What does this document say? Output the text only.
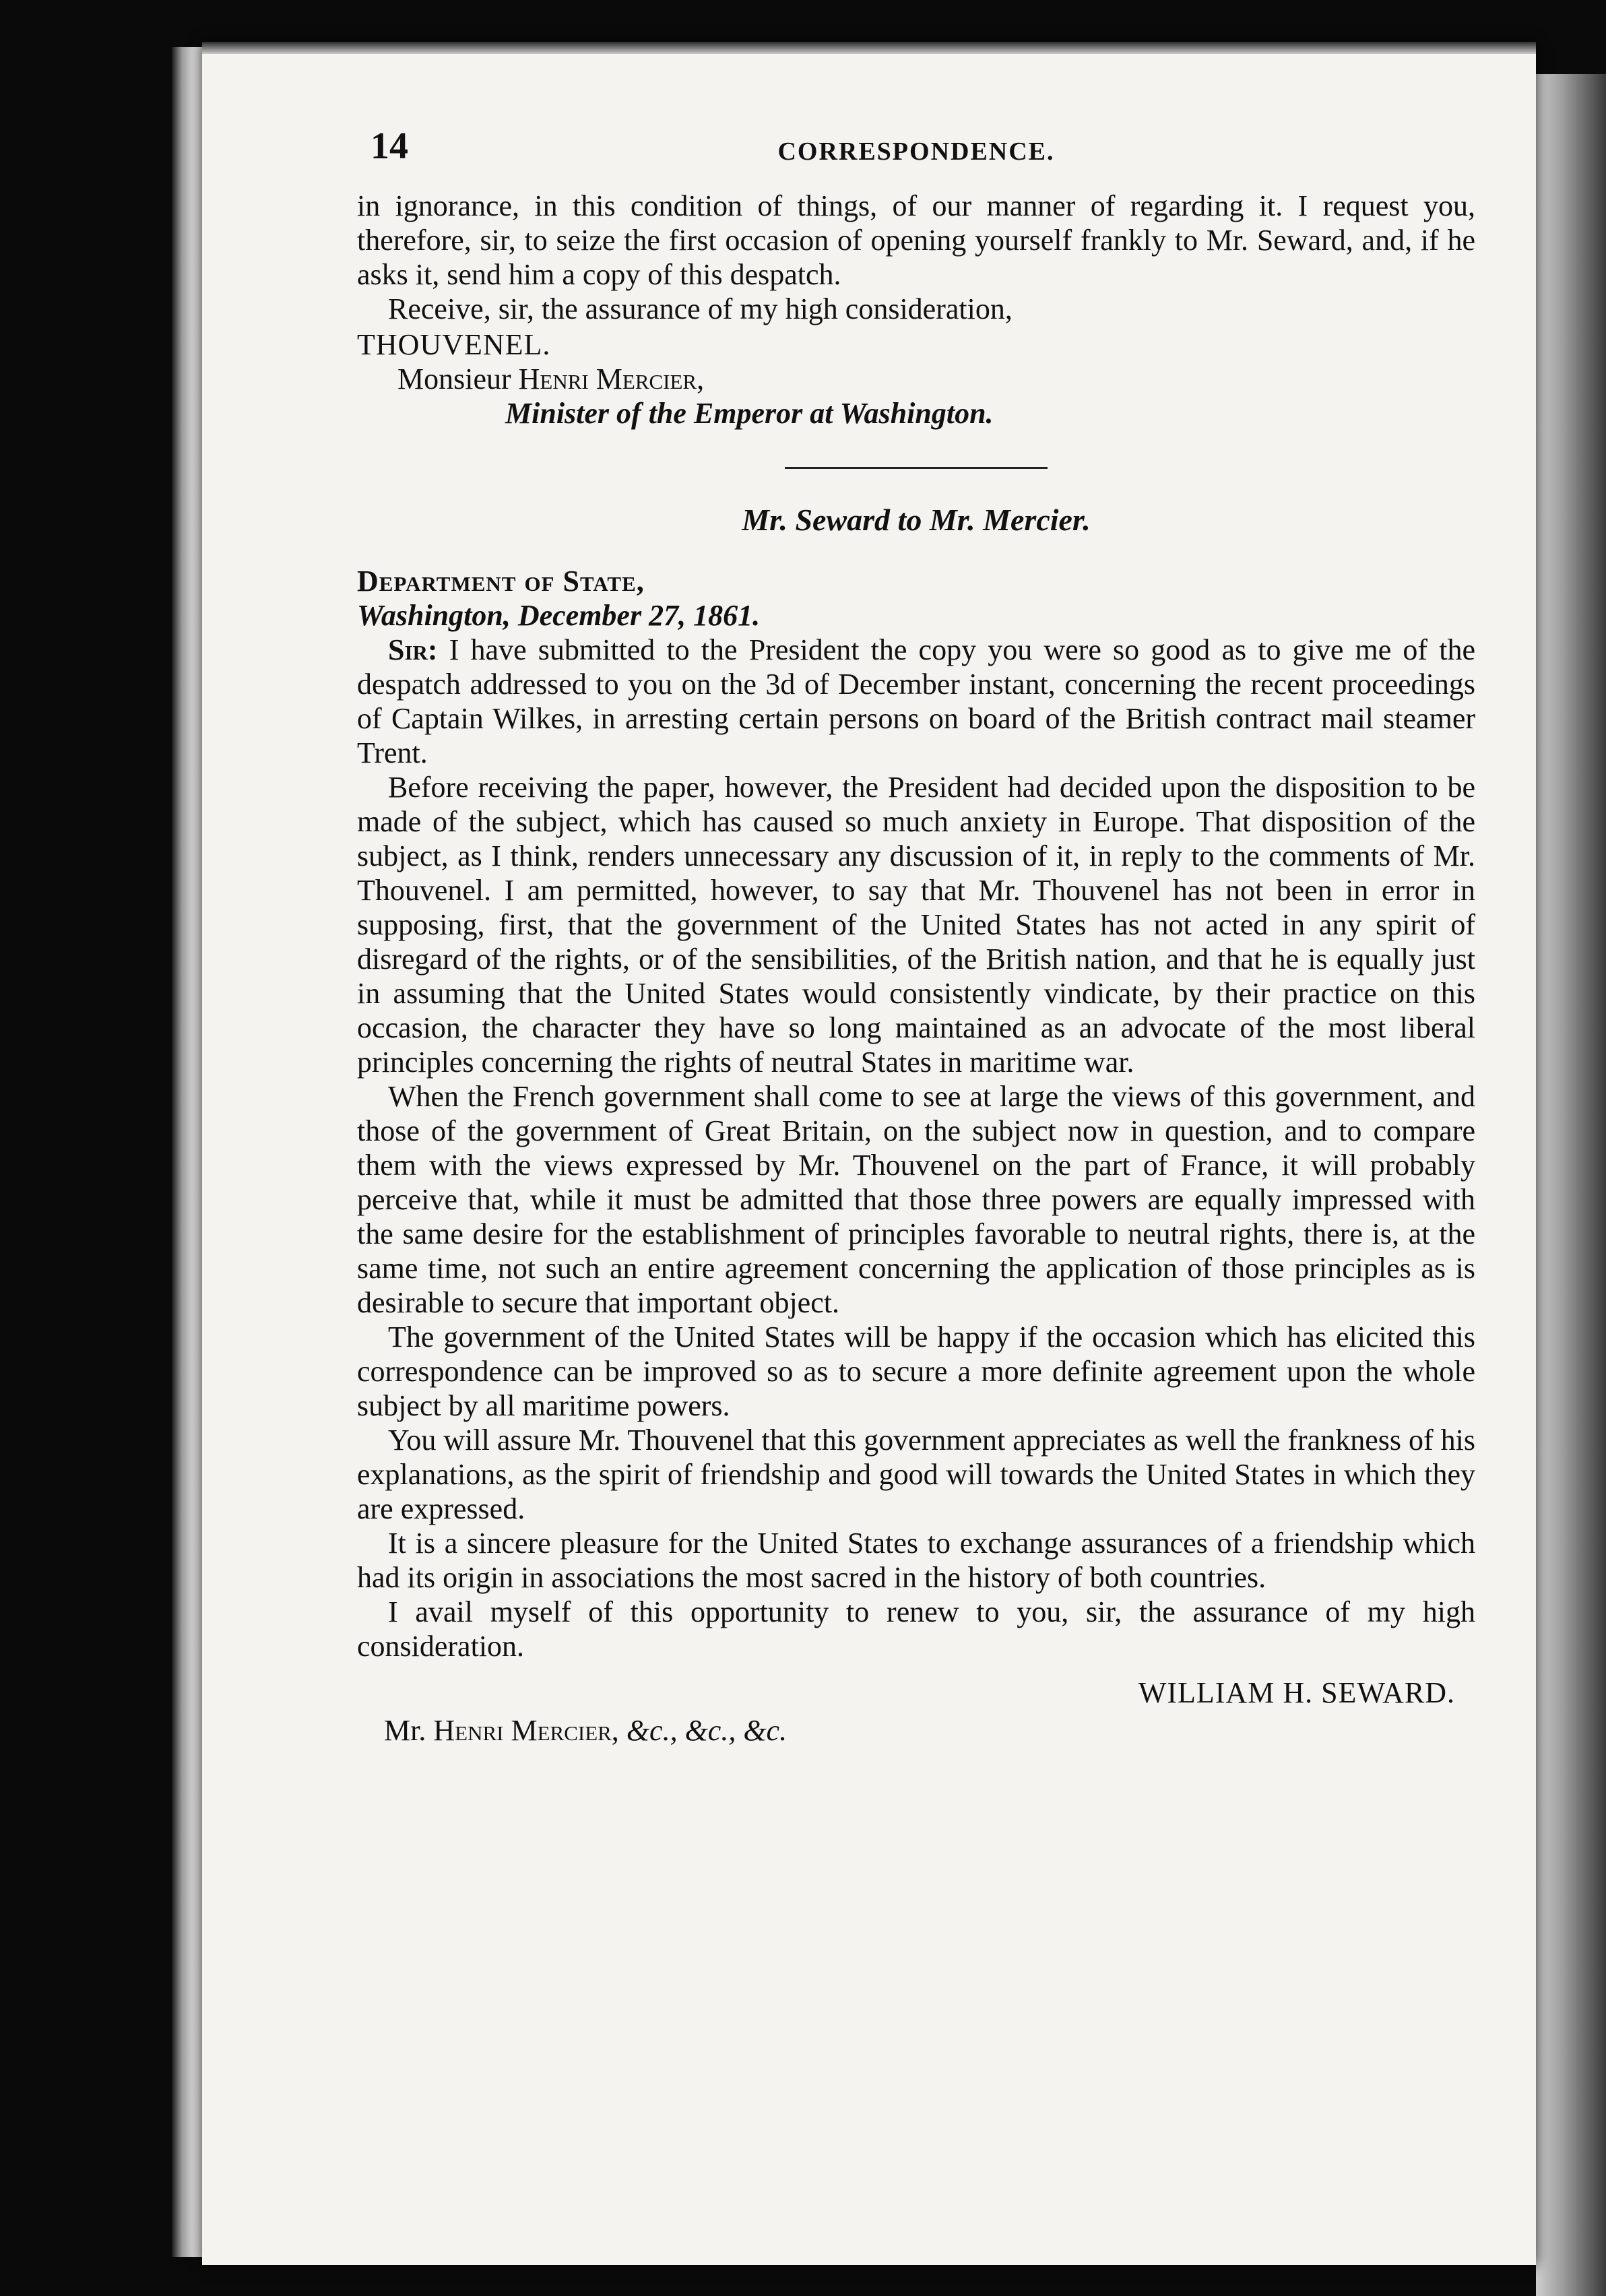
14	CORRESPONDENCE.

in ignorance, in this condition of things, of our manner of regarding it. I request you, therefore, sir, to seize the first occasion of opening yourself frankly to Mr. Seward, and, if he asks it, send him a copy of this despatch.

Receive, sir, the assurance of my high consideration,

THOUVENEL.

Monsieur Henri Mercier,

Minister of the Emperor at Washington.

Mr. Seward to Mr. Mercier.

Department of State,

Washington, December 27, 1861.

Sir: I have submitted to the President the copy you were so good as to give me of the despatch addressed to you on the 3d of December instant, concerning the recent proceedings of Captain Wilkes, in arresting certain persons on board of the British contract mail steamer Trent.

Before receiving the paper, however, the President had decided upon the disposition to be made of the subject, which has caused so much anxiety in Europe. That disposition of the subject, as I think, renders unnecessary any discussion of it, in reply to the comments of Mr. Thouvenel. I am permitted, however, to say that Mr. Thouvenel has not been in error in supposing, first, that the government of the United States has not acted in any spirit of disregard of the rights, or of the sensibilities, of the British nation, and that he is equally just in assuming that the United States would consistently vindicate, by their practice on this occasion, the character they have so long maintained as an advocate of the most liberal principles concerning the rights of neutral States in maritime war.

When the French government shall come to see at large the views of this government, and those of the government of Great Britain, on the subject now in question, and to compare them with the views expressed by Mr. Thouvenel on the part of France, it will probably perceive that, while it must be admitted that those three powers are equally impressed with the same desire for the establishment of principles favorable to neutral rights, there is, at the same time, not such an entire agreement concerning the application of those principles as is desirable to secure that important object.

The government of the United States will be happy if the occasion which has elicited this correspondence can be improved so as to secure a more definite agreement upon the whole subject by all maritime powers.

You will assure Mr. Thouvenel that this government appreciates as well the frankness of his explanations, as the spirit of friendship and good will towards the United States in which they are expressed.

It is a sincere pleasure for the United States to exchange assurances of a friendship which had its origin in associations the most sacred in the history of both countries.

I avail myself of this opportunity to renew to you, sir, the assurance of my high consideration.

WILLIAM H. SEWARD.
Mr. Henri Mercier, &c., &c., &c.
